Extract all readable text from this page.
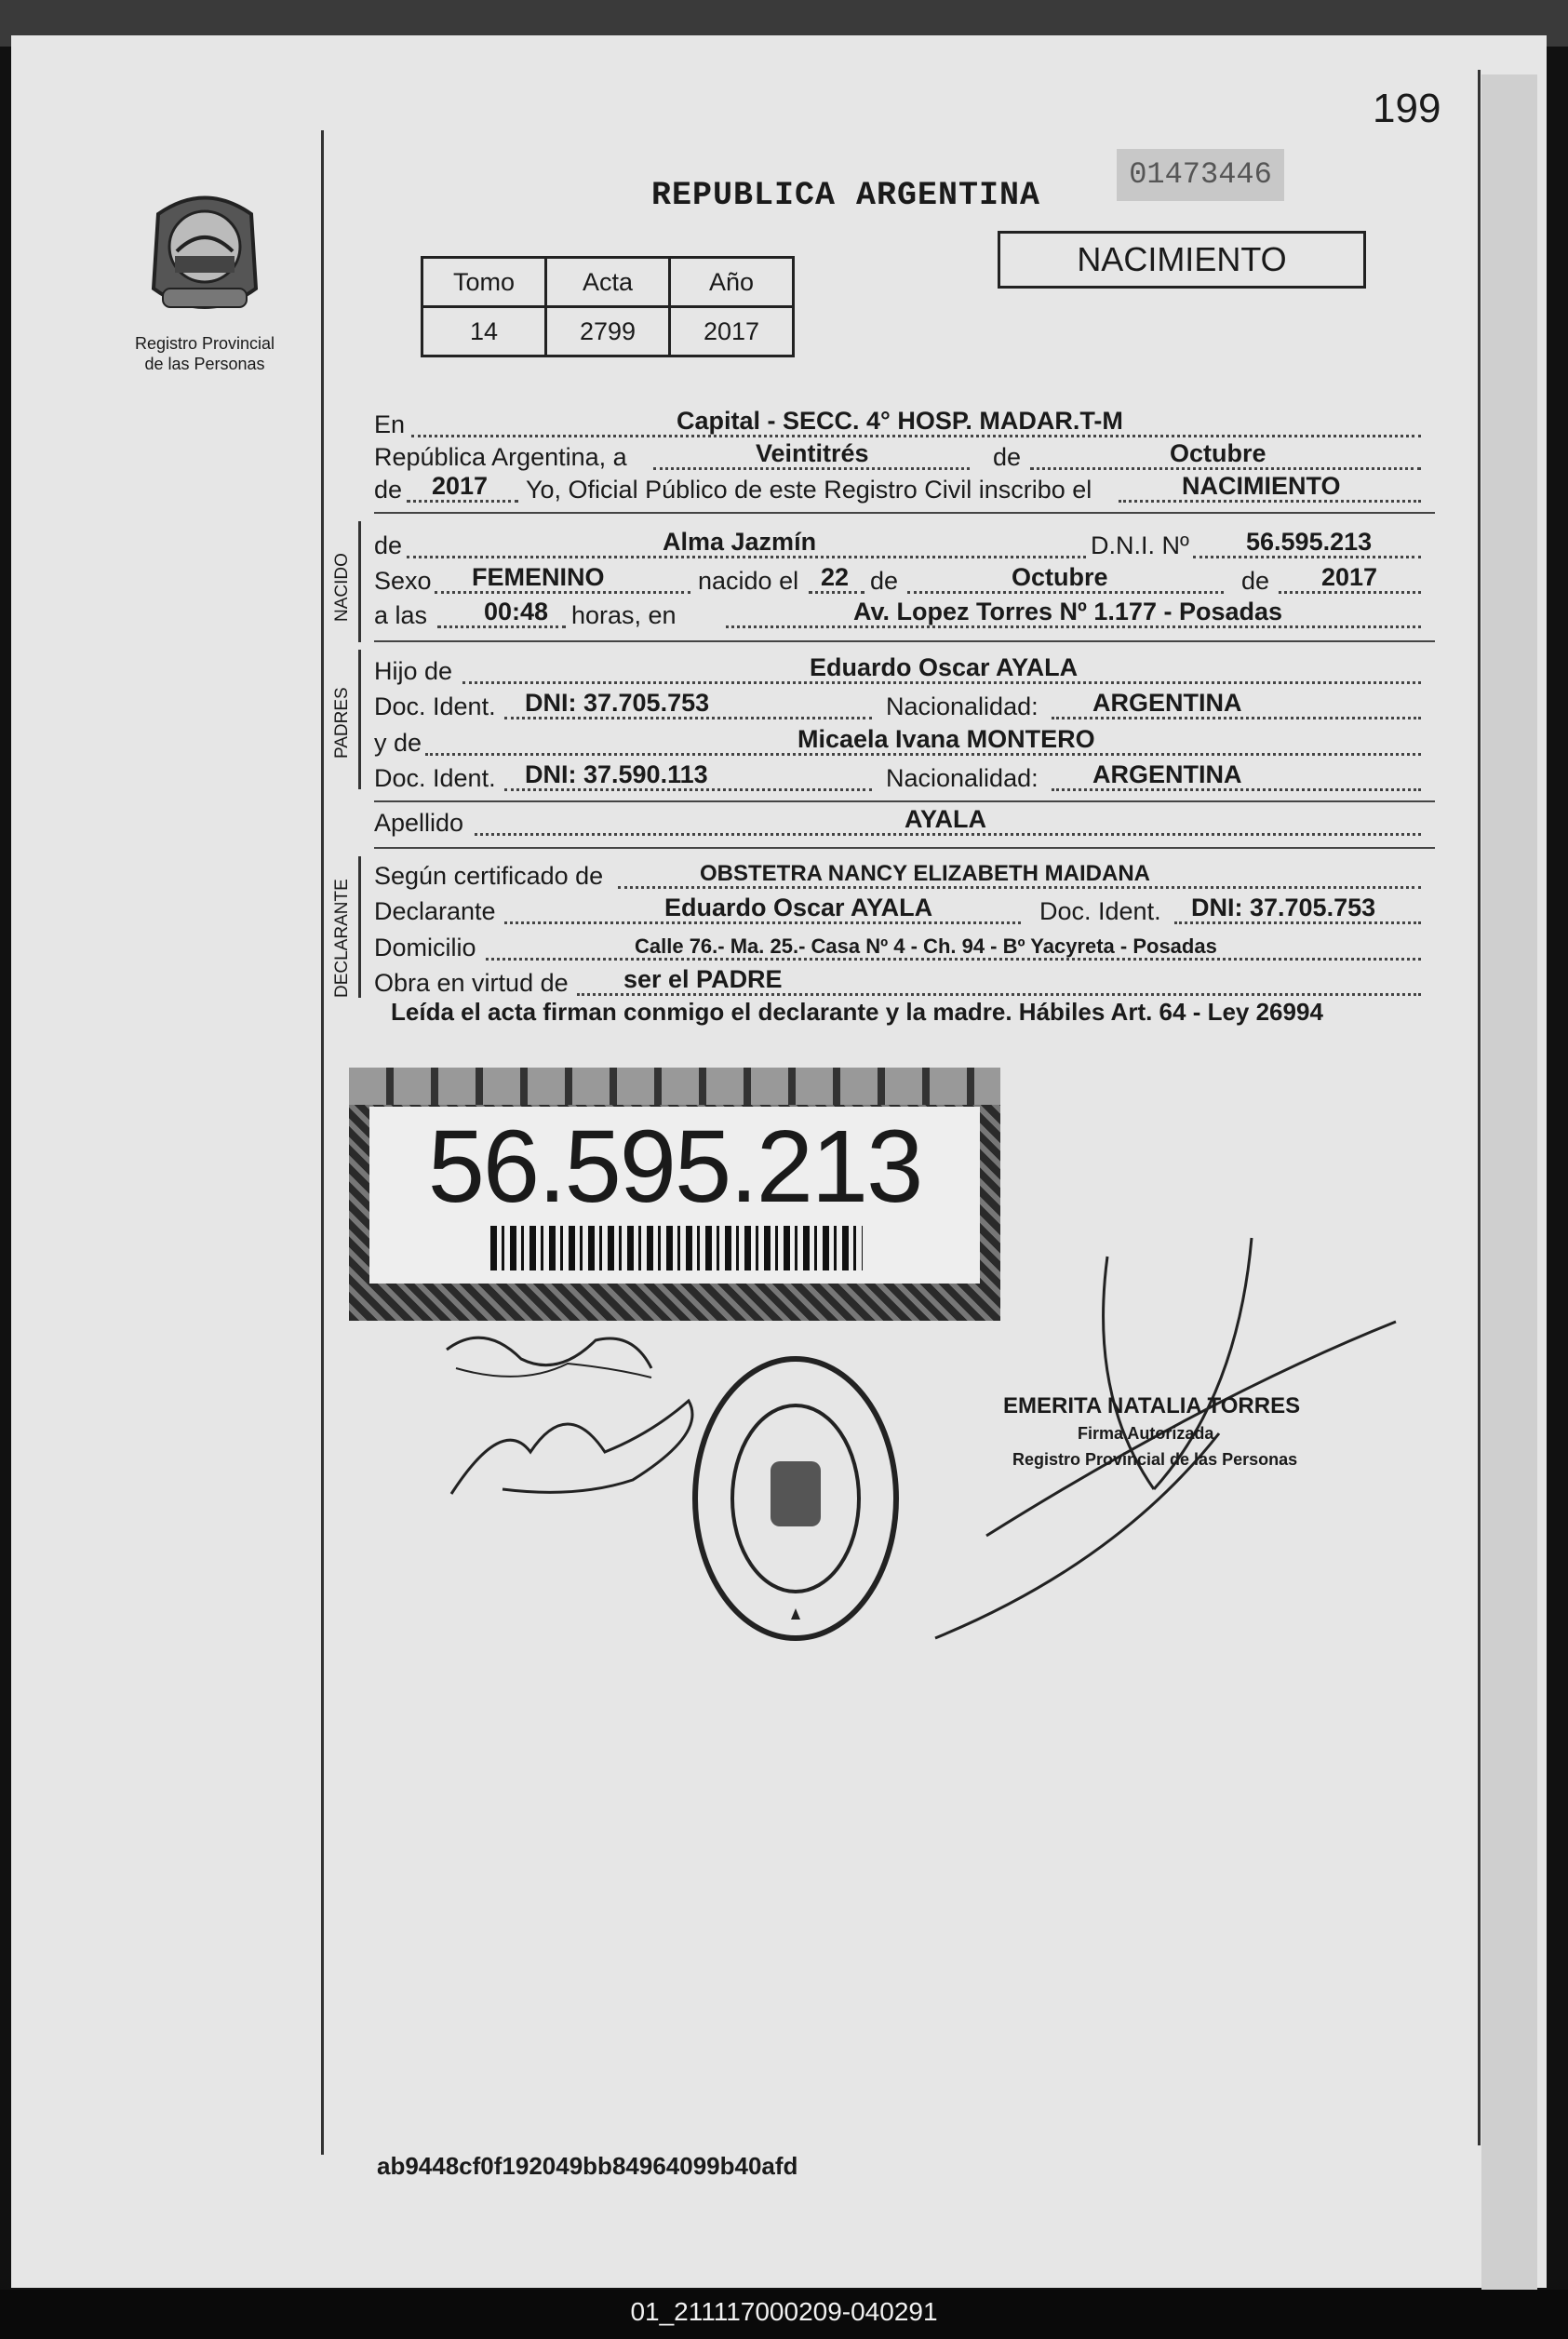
199
Registro Provincial
de las Personas
REPUBLICA ARGENTINA
01473446
NACIMIENTO
Tomo	Acta	Año
14	2799	2017
En	Capital - SECC. 4° HOSP. MADAR.T-M
República Argentina, a	Veintitrés	de	Octubre
de 2017 Yo, Oficial Público de este Registro Civil inscribo el	NACIMIENTO
NACIDO
de	Alma Jazmín	D.N.I. Nº 56.595.213
Sexo FEMENINO	nacido el 22 de	Octubre	de 2017
a las 00:48 horas, en	Av. Lopez Torres Nº 1.177 - Posadas
PADRES
Hijo de	Eduardo Oscar AYALA
Doc. Ident. DNI: 37.705.753	Nacionalidad: ARGENTINA
y de	Micaela Ivana MONTERO
Doc. Ident. DNI: 37.590.113	Nacionalidad: ARGENTINA
Apellido	AYALA
DECLARANTE
Según certificado de	OBSTETRA NANCY ELIZABETH MAIDANA
Declarante	Eduardo Oscar AYALA	Doc. Ident. DNI: 37.705.753
Domicilio	Calle 76.- Ma. 25.- Casa Nº 4 - Ch. 94 - Bº Yacyreta - Posadas
Obra en virtud de ser el PADRE
Leída el acta firman conmigo el declarante y la madre. Hábiles Art. 64 - Ley 26994
56.595.213
EMERITA NATALIA TORRES
Firma Autorizada
Registro Provincial de las Personas
ab9448cf0f192049bb84964099b40afd
01_211117000209-040291
